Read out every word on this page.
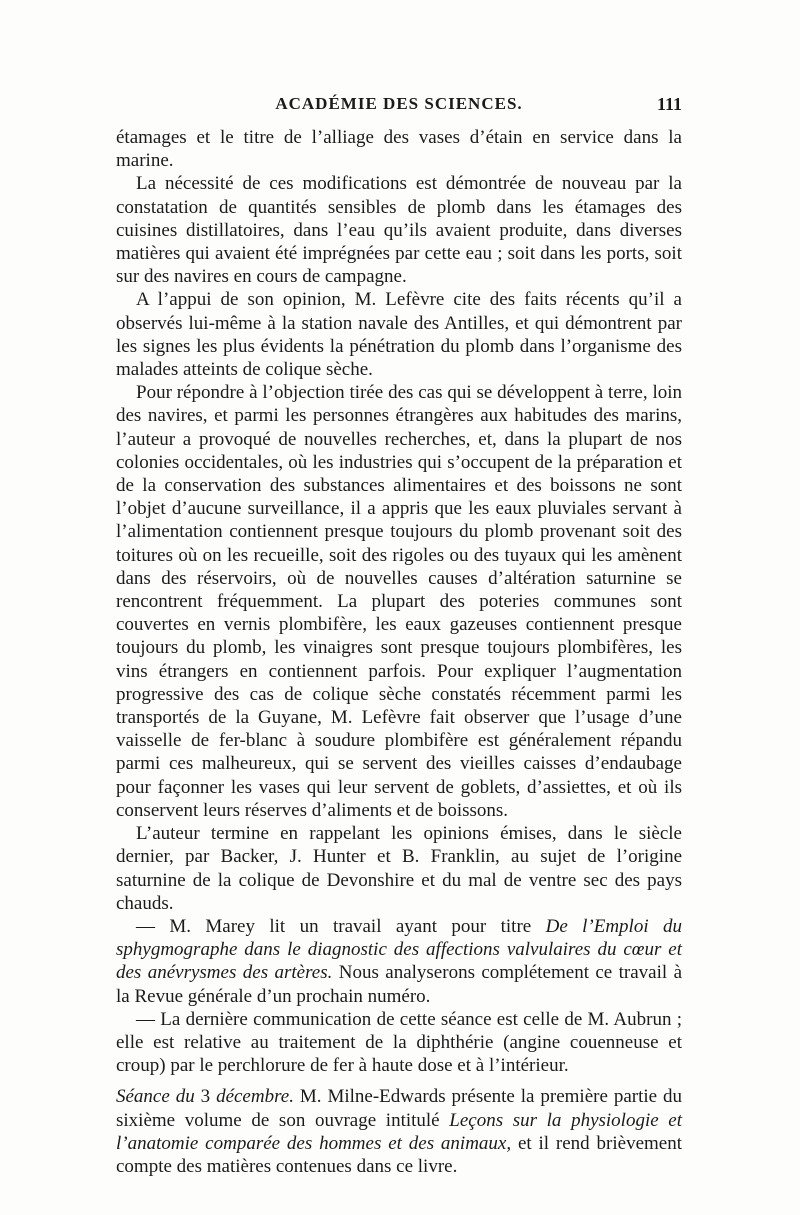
ACADÉMIE DES SCIENCES.	111

étamages et le titre de l’alliage des vases d’étain en service dans la marine.

La nécessité de ces modifications est démontrée de nouveau par la constatation de quantités sensibles de plomb dans les étamages des cuisines distillatoires, dans l’eau qu’ils avaient produite, dans diverses matières qui avaient été imprégnées par cette eau ; soit dans les ports, soit sur des navires en cours de campagne.

A l’appui de son opinion, M. Lefèvre cite des faits récents qu’il a observés lui-même à la station navale des Antilles, et qui démontrent par les signes les plus évidents la pénétration du plomb dans l’organisme des malades atteints de colique sèche.

Pour répondre à l’objection tirée des cas qui se développent à terre, loin des navires, et parmi les personnes étrangères aux habitudes des marins, l’auteur a provoqué de nouvelles recherches, et, dans la plupart de nos colonies occidentales, où les industries qui s’occupent de la préparation et de la conservation des substances alimentaires et des boissons ne sont l’objet d’aucune surveillance, il a appris que les eaux pluviales servant à l’alimentation contiennent presque toujours du plomb provenant soit des toitures où on les recueille, soit des rigoles ou des tuyaux qui les amènent dans des réservoirs, où de nouvelles causes d’altération saturnine se rencontrent fréquemment. La plupart des poteries communes sont couvertes en vernis plombifère, les eaux gazeuses contiennent presque toujours du plomb, les vinaigres sont presque toujours plombifères, les vins étrangers en contiennent parfois. Pour expliquer l’augmentation progressive des cas de colique sèche constatés récemment parmi les transportés de la Guyane, M. Lefèvre fait observer que l’usage d’une vaisselle de fer-blanc à soudure plombifère est généralement répandu parmi ces malheureux, qui se servent des vieilles caisses d’endaubage pour façonner les vases qui leur servent de goblets, d’assiettes, et où ils conservent leurs réserves d’aliments et de boissons.

L’auteur termine en rappelant les opinions émises, dans le siècle dernier, par Backer, J. Hunter et B. Franklin, au sujet de l’origine saturnine de la colique de Devonshire et du mal de ventre sec des pays chauds.

— M. Marey lit un travail ayant pour titre De l’Emploi du sphygmographe dans le diagnostic des affections valvulaires du cœur et des anévrysmes des artères. Nous analyserons complétement ce travail à la Revue générale d’un prochain numéro.

— La dernière communication de cette séance est celle de M. Aubrun ; elle est relative au traitement de la diphthérie (angine couenneuse et croup) par le perchlorure de fer à haute dose et à l’intérieur.

Séance du 3 décembre. M. Milne-Edwards présente la première partie du sixième volume de son ouvrage intitulé Leçons sur la physiologie et l’anatomie comparée des hommes et des animaux, et il rend brièvement compte des matières contenues dans ce livre.
